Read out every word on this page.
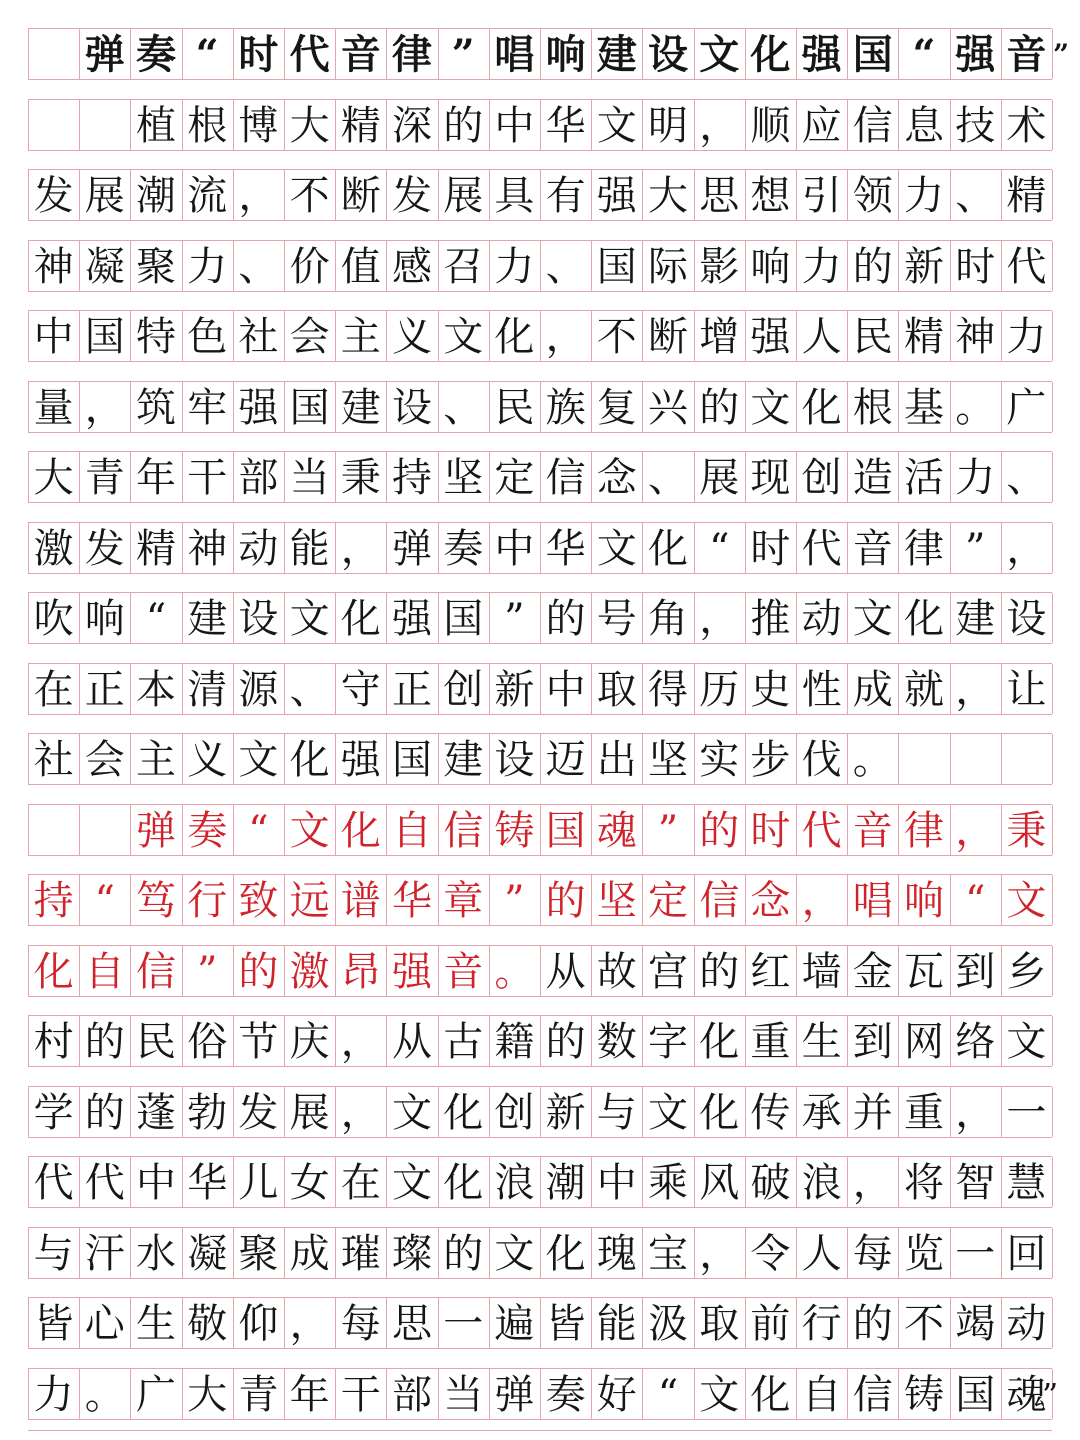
弹 奏 “ 时 代 音 律 ” 唱 响 建 设 文 化 强 国 “ 强 音 ”
植 根 博 大 精 深 的 中 华 文 明 ， 顺 应 信 息 技 术
发 展 潮 流 ， 不 断 发 展 具 有 强 大 思 想 引 领 力 、 精
神 凝 聚 力 、 价 值 感 召 力 、 国 际 影 响 力 的 新 时 代
中 国 特 色 社 会 主 义 文 化 ， 不 断 增 强 人 民 精 神 力
量 ， 筑 牢 强 国 建 设 、 民 族 复 兴 的 文 化 根 基 。 广
大 青 年 干 部 当 秉 持 坚 定 信 念 、 展 现 创 造 活 力 、
激 发 精 神 动 能 ， 弹 奏 中 华 文 化 “ 时 代 音 律 ” ，
吹 响 “ 建 设 文 化 强 国 ” 的 号 角 ， 推 动 文 化 建 设
在 正 本 清 源 、 守 正 创 新 中 取 得 历 史 性 成 就 ， 让
社 会 主 义 文 化 强 国 建 设 迈 出 坚 实 步 伐 。
弹 奏 “ 文 化 自 信 铸 国 魂 ” 的 时 代 音 律 ， 秉
持 “ 笃 行 致 远 谱 华 章 ” 的 坚 定 信 念 ， 唱 响 “ 文
化 自 信 ” 的 激 昂 强 音 。 从 故 宫 的 红 墙 金 瓦 到 乡
村 的 民 俗 节 庆 ， 从 古 籍 的 数 字 化 重 生 到 网 络 文
学 的 蓬 勃 发 展 ， 文 化 创 新 与 文 化 传 承 并 重 ， 一
代 代 中 华 儿 女 在 文 化 浪 潮 中 乘 风 破 浪 ， 将 智 慧
与 汗 水 凝 聚 成 璀 璨 的 文 化 瑰 宝 ， 令 人 每 览 一 回
皆 心 生 敬 仰 ， 每 思 一 遍 皆 能 汲 取 前 行 的 不 竭 动
力 。 广 大 青 年 干 部 当 弹 奏 好 “ 文 化 自 信 铸 国 魂
”
